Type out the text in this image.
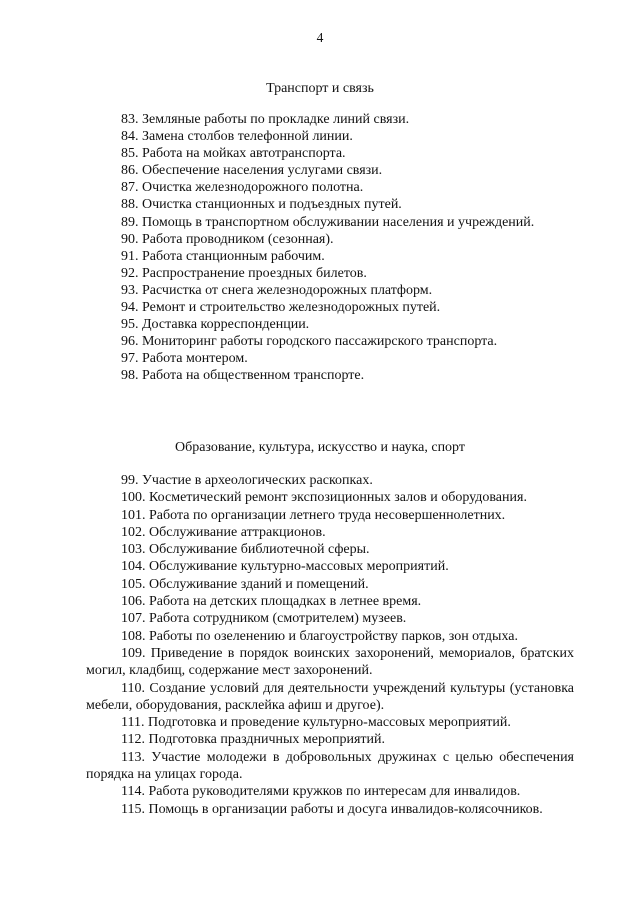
4
Транспорт и связь
83. Земляные работы по прокладке линий связи.
84. Замена столбов телефонной линии.
85. Работа на мойках автотранспорта.
86. Обеспечение населения услугами связи.
87. Очистка железнодорожного полотна.
88. Очистка станционных и подъездных путей.
89. Помощь в транспортном обслуживании населения и учреждений.
90. Работа проводником (сезонная).
91. Работа станционным рабочим.
92. Распространение проездных билетов.
93. Расчистка от снега железнодорожных платформ.
94. Ремонт и строительство железнодорожных путей.
95. Доставка корреспонденции.
96. Мониторинг работы городского пассажирского транспорта.
97. Работа монтером.
98. Работа на общественном транспорте.
Образование, культура, искусство и наука, спорт
99. Участие в археологических раскопках.
100. Косметический ремонт экспозиционных залов и оборудования.
101. Работа по организации летнего труда несовершеннолетних.
102. Обслуживание аттракционов.
103. Обслуживание библиотечной сферы.
104. Обслуживание культурно-массовых мероприятий.
105. Обслуживание зданий и помещений.
106. Работа на детских площадках в летнее время.
107. Работа сотрудником (смотрителем) музеев.
108. Работы по озеленению и благоустройству парков, зон отдыха.
109. Приведение в порядок воинских захоронений, мемориалов, братских могил, кладбищ, содержание мест захоронений.
110. Создание условий для деятельности учреждений культуры (установка мебели, оборудования, расклейка афиш и другое).
111. Подготовка и проведение культурно-массовых мероприятий.
112. Подготовка праздничных мероприятий.
113. Участие молодежи в добровольных дружинах с целью обеспечения порядка на улицах города.
114. Работа руководителями кружков по интересам для инвалидов.
115. Помощь в организации работы и досуга инвалидов-колясочников.
